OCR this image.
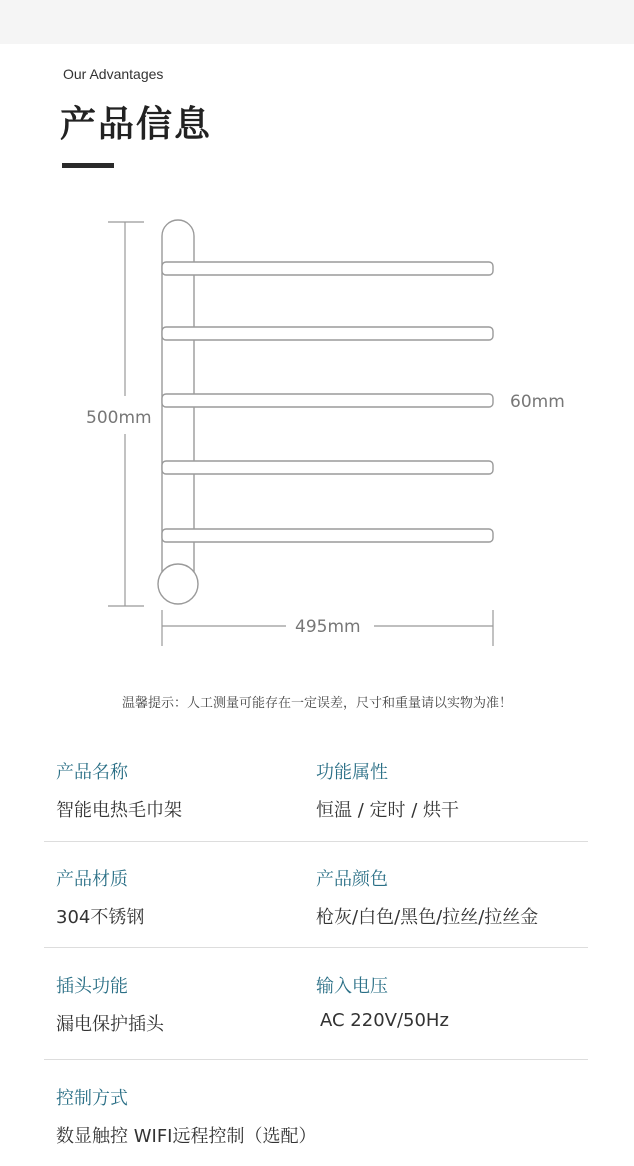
Our Advantages
产品信息
500mm
60mm
495mm
温馨提示：人工测量可能存在一定误差，尺寸和重量请以实物为准！
产品名称
智能电热毛巾架
功能属性
恒温 / 定时 / 烘干
产品材质
304不锈钢
产品颜色
枪灰/白色/黑色/拉丝/拉丝金
插头功能
漏电保护插头
输入电压
AC 220V/50Hz
控制方式
数显触控 WIFI远程控制（选配）
